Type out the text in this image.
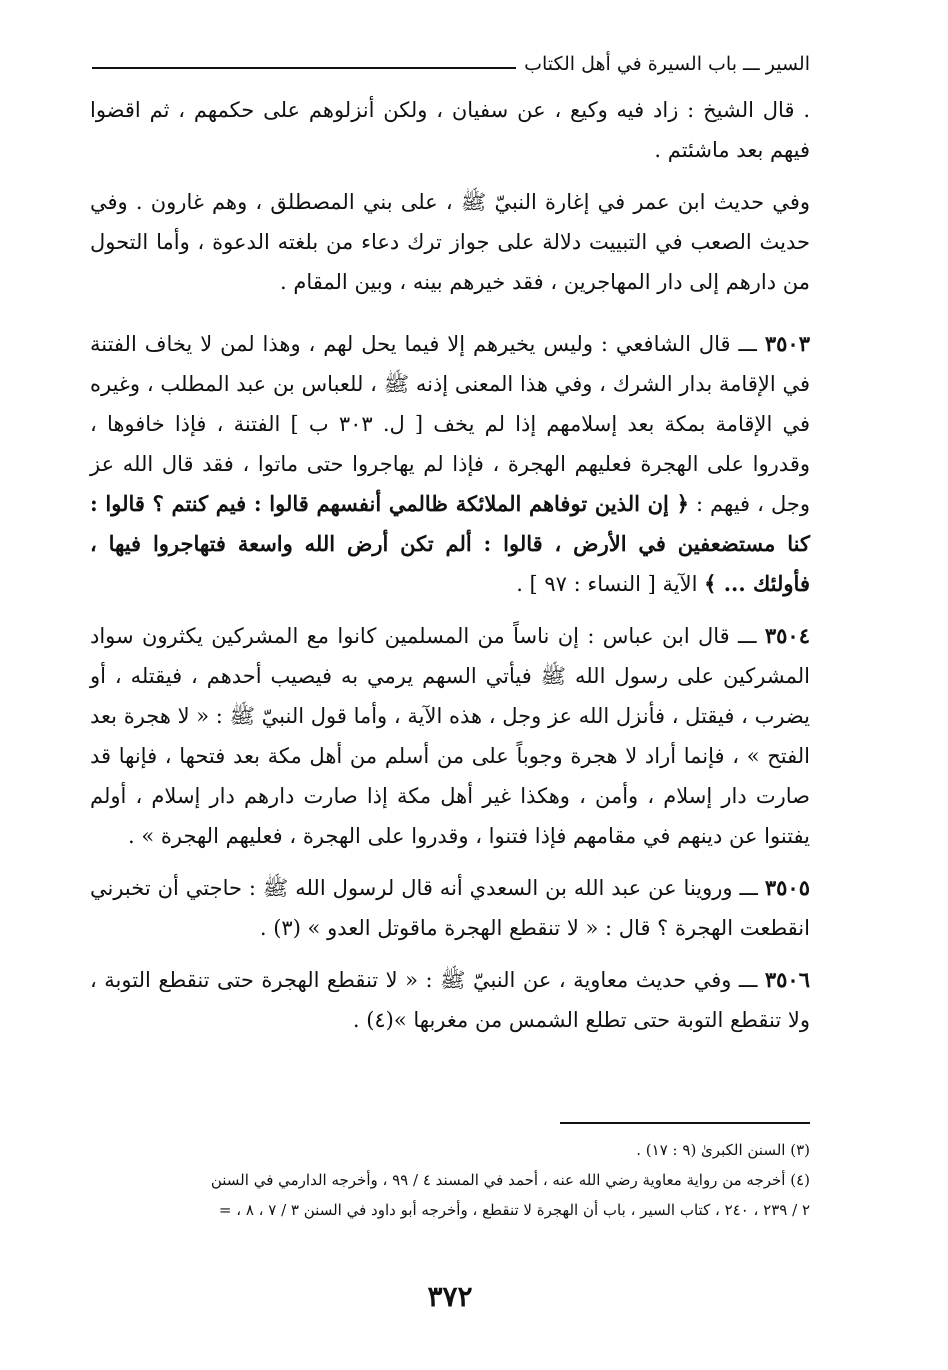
السير ـــ باب السيرة في أهل الكتاب

. قال الشيخ : زاد فيه وكيع ، عن سفيان ، ولكن أنزلوهم على حكمهم ، ثم اقضوا فيهم بعد ماشئتم .

وفي حديث ابن عمر في إغارة النبيّ ﷺ ، على بني المصطلق ، وهم غارون . وفي حديث الصعب في التبييت دلالة على جواز ترك دعاء من بلغته الدعوة ، وأما التحول من دارهم إلى دار المهاجرين ، فقد خيرهم بينه ، وبين المقام .

٣٥٠٣ ـــ قال الشافعي : وليس يخيرهم إلا فيما يحل لهم ، وهذا لمن لا يخاف الفتنة في الإقامة بدار الشرك ، وفي هذا المعنى إذنه ﷺ ، للعباس بن عبد المطلب ، وغيره في الإقامة بمكة بعد إسلامهم إذا لم يخف [ ل. ٣٠٣ ب ] الفتنة ، فإذا خافوها ، وقدروا على الهجرة فعليهم الهجرة ، فإذا لم يهاجروا حتى ماتوا ، فقد قال الله عز وجل ، فيهم : ﴿ إن الذين توفاهم الملائكة ظالمي أنفسهم قالوا : فيم كنتم ؟ قالوا : كنا مستضعفين في الأرض ، قالوا : ألم تكن أرض الله واسعة فتهاجروا فيها ، فأولئك ... ﴾ الآية [ النساء : ٩٧ ] .

٣٥٠٤ ـــ قال ابن عباس : إن ناساً من المسلمين كانوا مع المشركين يكثرون سواد المشركين على رسول الله ﷺ فيأتي السهم يرمي به فيصيب أحدهم ، فيقتله ، أو يضرب ، فيقتل ، فأنزل الله عز وجل ، هذه الآية ، وأما قول النبيّ ﷺ : « لا هجرة بعد الفتح » ، فإنما أراد لا هجرة وجوباً على من أسلم من أهل مكة بعد فتحها ، فإنها قد صارت دار إسلام ، وأمن ، وهكذا غير أهل مكة إذا صارت دارهم دار إسلام ، أولم يفتنوا عن دينهم في مقامهم فإذا فتنوا ، وقدروا على الهجرة ، فعليهم الهجرة » .

٣٥٠٥ ـــ وروينا عن عبد الله بن السعدي أنه قال لرسول الله ﷺ : حاجتي أن تخبرني انقطعت الهجرة ؟ قال : « لا تنقطع الهجرة ماقوتل العدو » (٣) .

٣٥٠٦ ـــ وفي حديث معاوية ، عن النبيّ ﷺ : « لا تنقطع الهجرة حتى تنقطع التوبة ، ولا تنقطع التوبة حتى تطلع الشمس من مغربها »(٤) .

(٣) السنن الكبرىٰ (٩ : ١٧) .
(٤) أخرجه من رواية معاوية رضي الله عنه ، أحمد في المسند ٤ / ٩٩ ، وأخرجه الدارمي في السنن
٢ / ٢٣٩ ، ٢٤٠ ، كتاب السير ، باب أن الهجرة لا تنقطع ، وأخرجه أبو داود في السنن ٣ / ٧ ، ٨ ، =
٣٧٢
